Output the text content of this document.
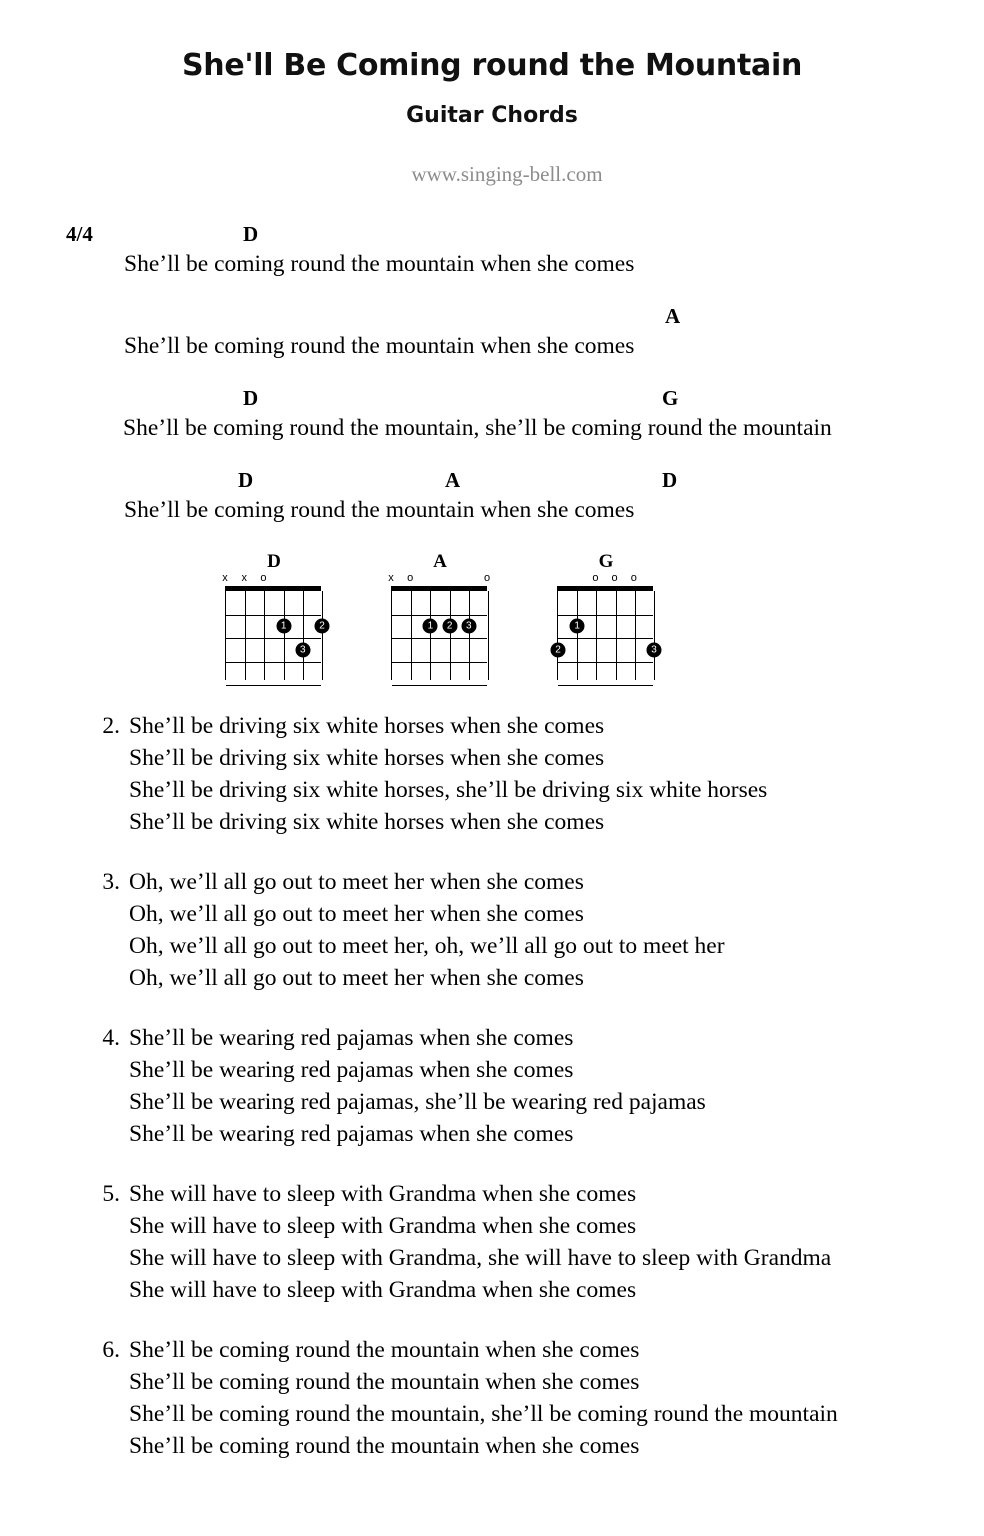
She'll Be Coming round the Mountain
Guitar Chords
www.singing-bell.com
4/4	D
She’ll be coming round the mountain when she comes
A
She’ll be coming round the mountain when she comes
D	G
She’ll be coming round the mountain, she’ll be coming round the mountain
D	A	D
She’ll be coming round the mountain when she comes
D
x x o
1	2
3
A
x o	o
1	2	3
G
o o o
1
2	3
2. She’ll be driving six white horses when she comes
She’ll be driving six white horses when she comes
She’ll be driving six white horses, she’ll be driving six white horses
She’ll be driving six white horses when she comes
3. Oh, we’ll all go out to meet her when she comes
Oh, we’ll all go out to meet her when she comes
Oh, we’ll all go out to meet her, oh, we’ll all go out to meet her
Oh, we’ll all go out to meet her when she comes
4. She’ll be wearing red pajamas when she comes
She’ll be wearing red pajamas when she comes
She’ll be wearing red pajamas, she’ll be wearing red pajamas
She’ll be wearing red pajamas when she comes
5. She will have to sleep with Grandma when she comes
She will have to sleep with Grandma when she comes
She will have to sleep with Grandma, she will have to sleep with Grandma
She will have to sleep with Grandma when she comes
6. She’ll be coming round the mountain when she comes
She’ll be coming round the mountain when she comes
She’ll be coming round the mountain, she’ll be coming round the mountain
She’ll be coming round the mountain when she comes
